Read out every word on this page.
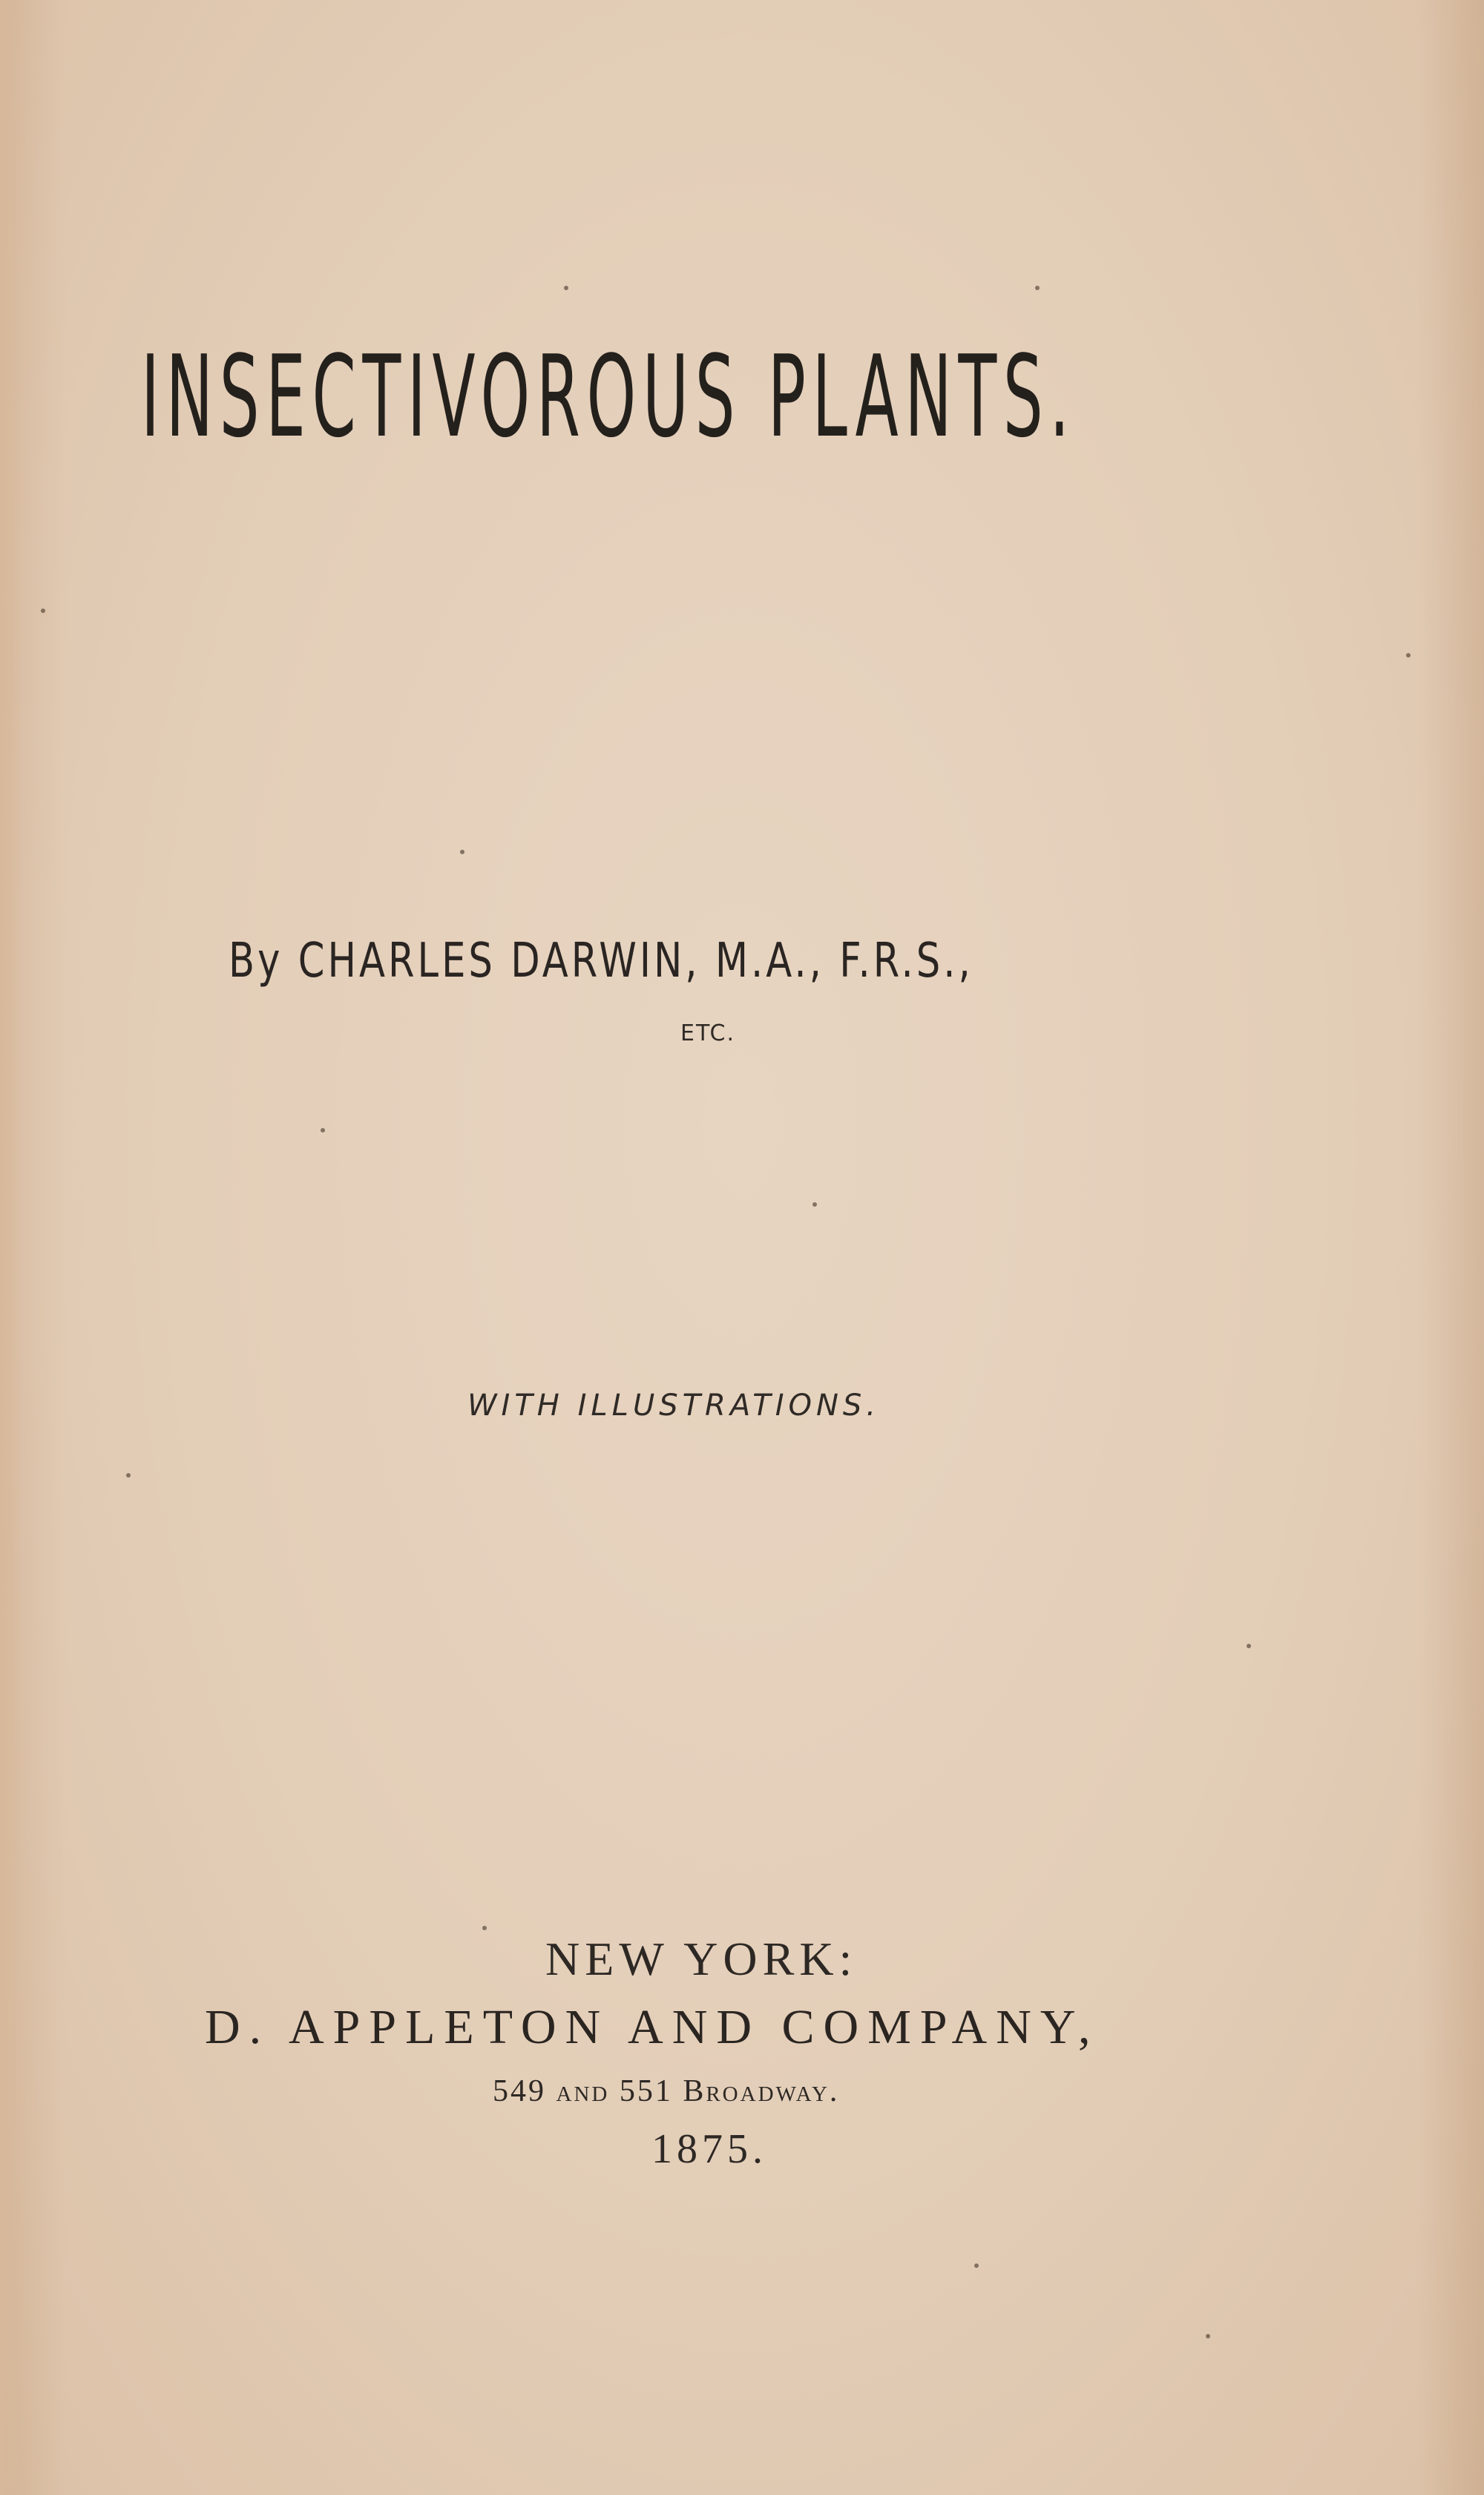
INSECTIVOROUS PLANTS.

By CHARLES DARWIN, M.A., F.R.S.,

ETC.

WITH ILLUSTRATIONS.

NEW YORK:

D. APPLETON AND COMPANY,

549 and 551 Broadway.

1875.
